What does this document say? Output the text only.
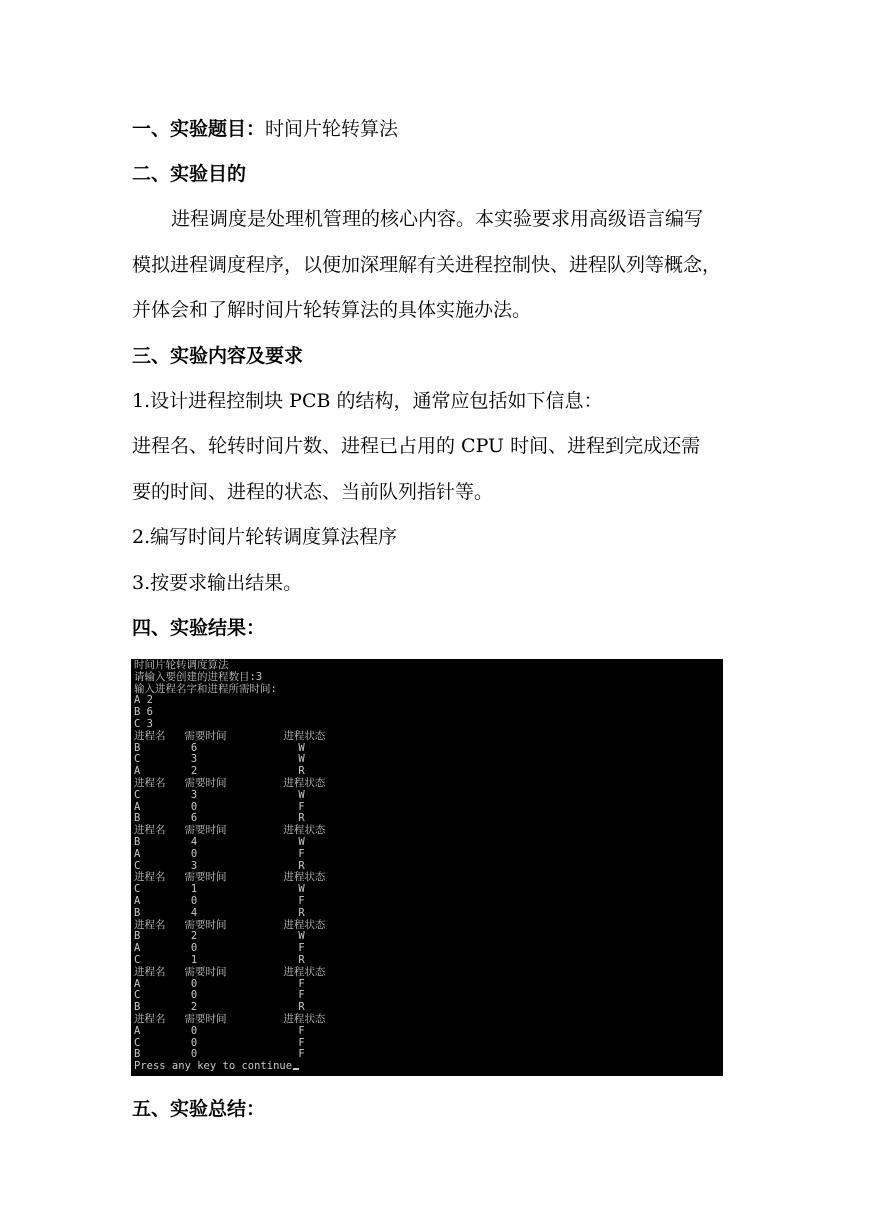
一、实验题目：时间片轮转算法
二、实验目的
进程调度是处理机管理的核心内容。本实验要求用高级语言编写
模拟进程调度程序，以便加深理解有关进程控制快、进程队列等概念，
并体会和了解时间片轮转算法的具体实施办法。
三、实验内容及要求
1.设计进程控制块 PCB 的结构，通常应包括如下信息：
进程名、轮转时间片数、进程已占用的 CPU 时间、进程到完成还需
要的时间、进程的状态、当前队列指针等。
2.编写时间片轮转调度算法程序
3.按要求输出结果。
四、实验结果：
时间片轮转调度算法
请输入要创建的进程数目:3
输入进程名字和进程所需时间:
A 2
B 6
C 3
进程名   需要时间         进程状态
B        6                W
C        3                W
A        2                R
进程名   需要时间         进程状态
C        3                W
A        0                F
B        6                R
进程名   需要时间         进程状态
B        4                W
A        0                F
C        3                R
进程名   需要时间         进程状态
C        1                W
A        0                F
B        4                R
进程名   需要时间         进程状态
B        2                W
A        0                F
C        1                R
进程名   需要时间         进程状态
A        0                F
C        0                F
B        2                R
进程名   需要时间         进程状态
A        0                F
C        0                F
B        0                F
Press any key to continue
五、实验总结：
